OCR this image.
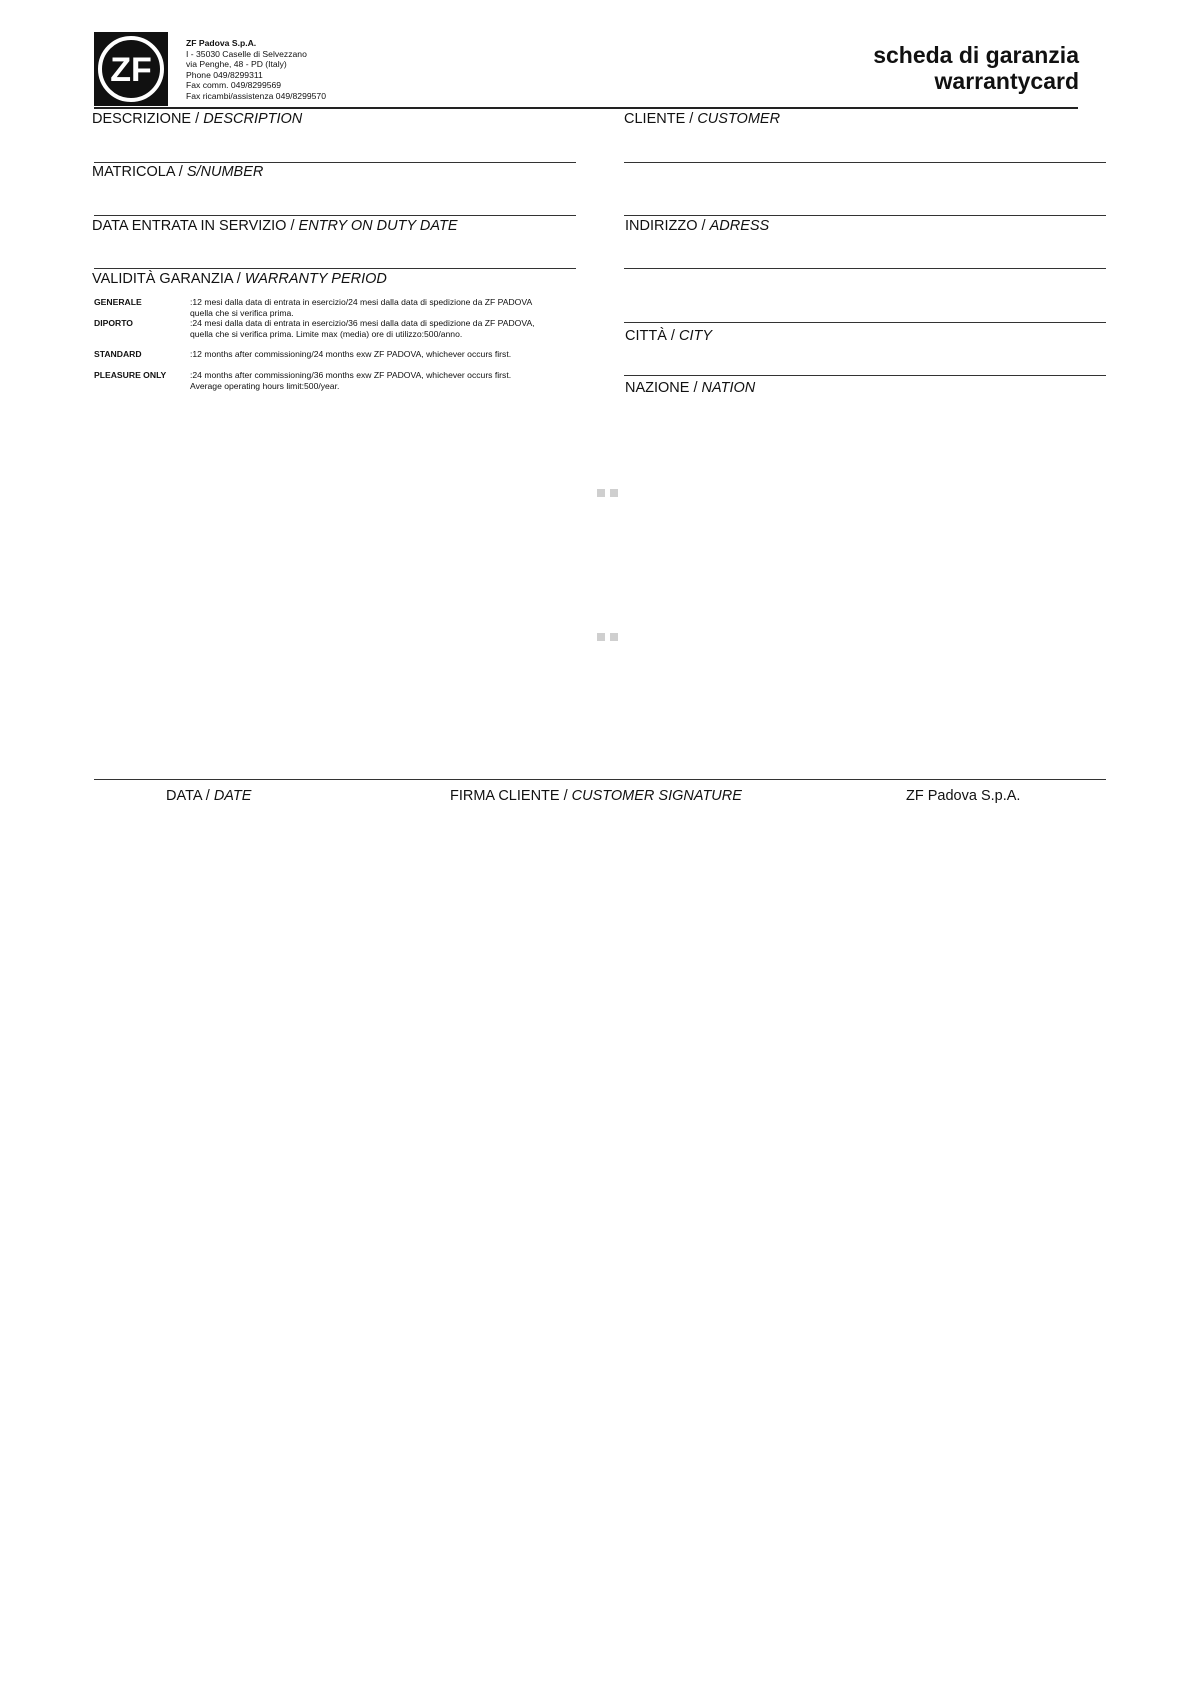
ZF
ZF Padova S.p.A.
I - 35030 Caselle di Selvezzano
via Penghe, 48 - PD (Italy)
Phone 049/8299311
Fax comm. 049/8299569
Fax ricambi/assistenza 049/8299570
scheda di garanzia
warrantycard
DESCRIZIONE / DESCRIPTION
MATRICOLA / S/NUMBER
DATA ENTRATA IN SERVIZIO / ENTRY ON DUTY DATE
VALIDITÀ GARANZIA / WARRANTY PERIOD
GENERALE	:12 mesi dalla data di entrata in esercizio/24 mesi dalla data di spedizione da ZF PADOVA
quella che si verifica prima.
DIPORTO	:24 mesi dalla data di entrata in esercizio/36 mesi dalla data di spedizione da ZF PADOVA,
quella che si verifica prima. Limite max (media) ore di utilizzo:500/anno.
STANDARD	:12 months after commissioning/24 months exw ZF PADOVA, whichever occurs first.
PLEASURE ONLY	:24 months after commissioning/36 months exw ZF PADOVA, whichever occurs first.
Average operating hours limit:500/year.
CLIENTE / CUSTOMER
INDIRIZZO / ADRESS
CITTÀ / CITY
NAZIONE / NATION
DATA / DATE	FIRMA CLIENTE / CUSTOMER SIGNATURE	ZF Padova S.p.A.
